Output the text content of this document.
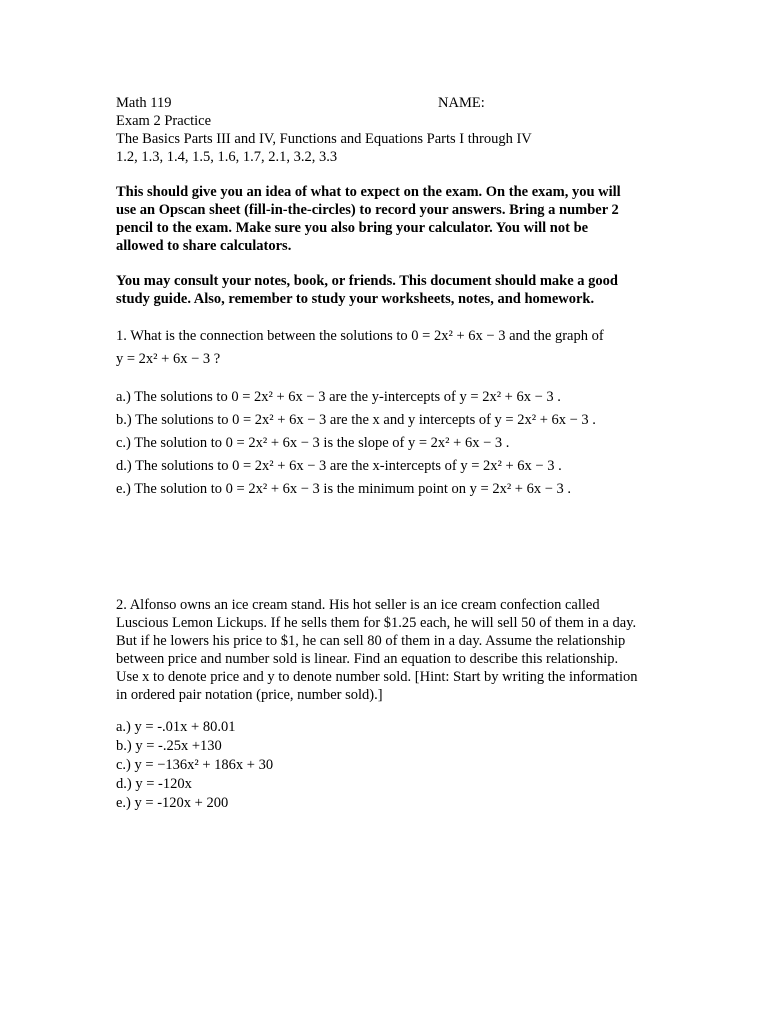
Math 119	NAME:
Exam 2 Practice
The Basics Parts III and IV, Functions and Equations Parts I through IV
1.2, 1.3, 1.4, 1.5, 1.6, 1.7, 2.1, 3.2, 3.3
This should give you an idea of what to expect on the exam. On the exam, you will
use an Opscan sheet (fill-in-the-circles) to record your answers. Bring a number 2
pencil to the exam. Make sure you also bring your calculator. You will not be
allowed to share calculators.
You may consult your notes, book, or friends. This document should make a good
study guide. Also, remember to study your worksheets, notes, and homework.
1. What is the connection between the solutions to 0 = 2x² + 6x − 3 and the graph of
y = 2x² + 6x − 3 ?
a.) The solutions to 0 = 2x² + 6x − 3 are the y-intercepts of y = 2x² + 6x − 3 .
b.) The solutions to 0 = 2x² + 6x − 3 are the x and y intercepts of y = 2x² + 6x − 3 .
c.) The solution to 0 = 2x² + 6x − 3 is the slope of y = 2x² + 6x − 3 .
d.) The solutions to 0 = 2x² + 6x − 3 are the x-intercepts of y = 2x² + 6x − 3 .
e.) The solution to 0 = 2x² + 6x − 3 is the minimum point on y = 2x² + 6x − 3 .
2. Alfonso owns an ice cream stand. His hot seller is an ice cream confection called
Luscious Lemon Lickups. If he sells them for $1.25 each, he will sell 50 of them in a day.
But if he lowers his price to $1, he can sell 80 of them in a day. Assume the relationship
between price and number sold is linear. Find an equation to describe this relationship.
Use x to denote price and y to denote number sold. [Hint: Start by writing the information
in ordered pair notation (price, number sold).]
a.) y = -.01x + 80.01
b.) y = -.25x +130
c.) y = −136x² + 186x + 30
d.) y = -120x
e.) y = -120x + 200
